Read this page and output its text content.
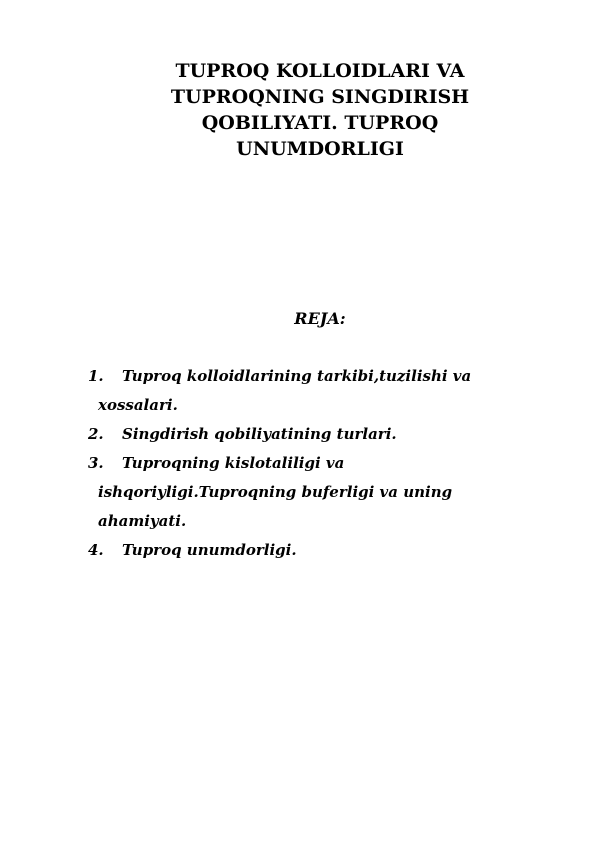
TUPROQ KOLLOIDLARI VA
TUPROQNING SINGDIRISH
QOBILIYATI. TUPROQ
UNUMDORLIGI
REJA:
1.	Tuproq kolloidlarining tarkibi,tuzilishi va
xossalari.
2.	Singdirish qobiliyatining turlari.
3.	Tuproqning kislotaliligi va
ishqoriyligi.Tuproqning buferligi va uning
ahamiyati.
4.	Tuproq unumdorligi.
